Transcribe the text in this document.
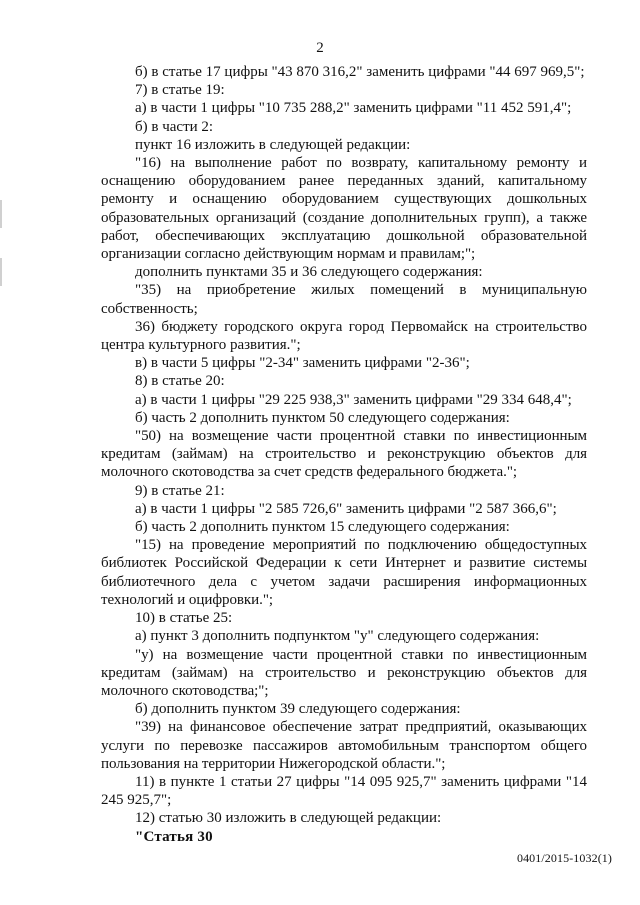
2

б) в статье 17 цифры "43 870 316,2" заменить цифрами "44 697 969,5";

7) в статье 19:

а) в части 1 цифры "10 735 288,2" заменить цифрами "11 452 591,4";

б) в части 2:

пункт 16 изложить в следующей редакции:

"16) на выполнение работ по возврату, капитальному ремонту и оснащению оборудованием ранее переданных зданий, капитальному ремонту и оснащению оборудованием существующих дошкольных образовательных организаций (создание дополнительных групп), а также работ, обеспечивающих эксплуатацию дошкольной образовательной организации согласно действующим нормам и правилам;";

дополнить пунктами 35 и 36 следующего содержания:

"35) на приобретение жилых помещений в муниципальную собственность;

36) бюджету городского округа город Первомайск на строительство центра культурного развития.";

в) в части 5 цифры "2-34" заменить цифрами "2-36";

8) в статье 20:

а) в части 1 цифры "29 225 938,3" заменить цифрами "29 334 648,4";

б) часть 2 дополнить пунктом 50 следующего содержания:

"50) на возмещение части процентной ставки по инвестиционным кредитам (займам) на строительство и реконструкцию объектов для молочного скотоводства за счет средств федерального бюджета.";

9) в статье 21:

а) в части 1 цифры "2 585 726,6" заменить цифрами "2 587 366,6";

б) часть 2 дополнить пунктом 15 следующего содержания:

"15) на проведение мероприятий по подключению общедоступных библиотек Российской Федерации к сети Интернет и развитие системы библиотечного дела с учетом задачи расширения информационных технологий и оцифровки.";

10) в статье 25:

а) пункт 3 дополнить подпунктом "у" следующего содержания:

"у) на возмещение части процентной ставки по инвестиционным кредитам (займам) на строительство и реконструкцию объектов для молочного скотоводства;";

б) дополнить пунктом 39 следующего содержания:

"39) на финансовое обеспечение затрат предприятий, оказывающих услуги по перевозке пассажиров автомобильным транспортом общего пользования на территории Нижегородской области.";

11) в пункте 1 статьи 27 цифры "14 095 925,7" заменить цифрами "14 245 925,7";

12) статью 30 изложить в следующей редакции:

"Статья 30

0401/2015-1032(1)
